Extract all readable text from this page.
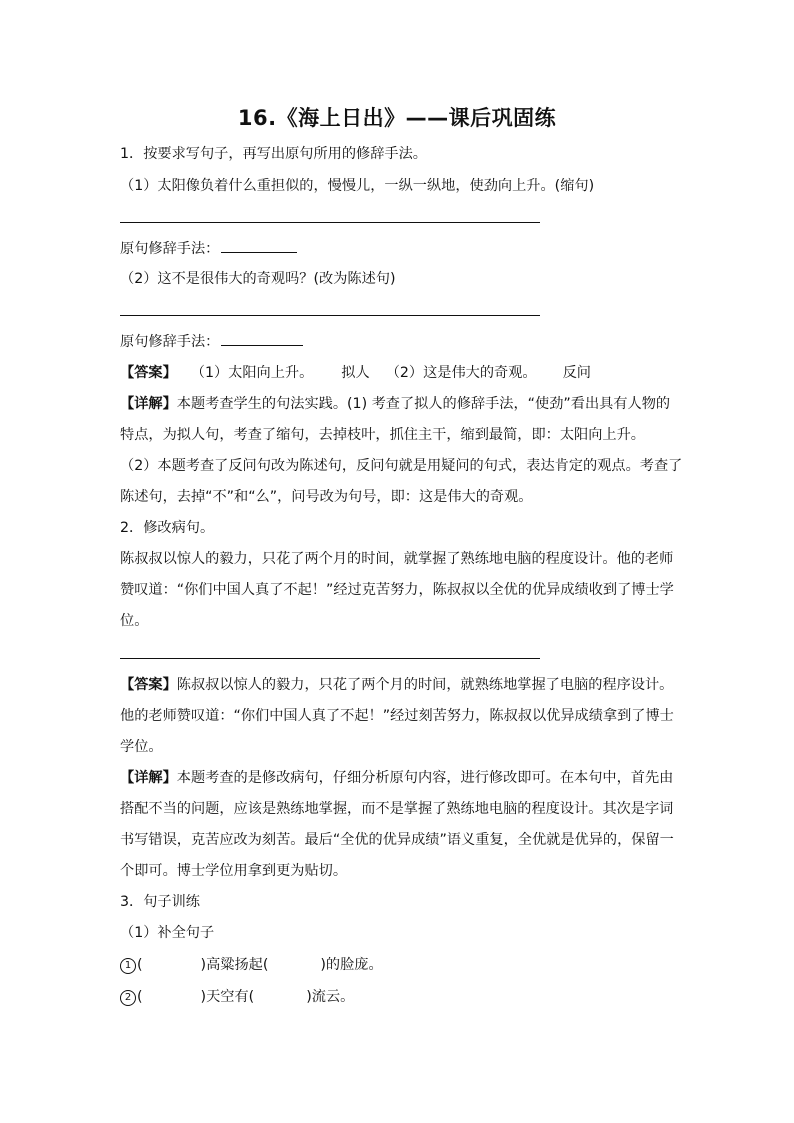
16.《海上日出》——课后巩固练
1．按要求写句子，再写出原句所用的修辞手法。
（1）太阳像负着什么重担似的，慢慢儿，一纵一纵地，使劲向上升。(缩句)
原句修辞手法：
（2）这不是很伟大的奇观吗？(改为陈述句)
原句修辞手法：
【答案】 （1）太阳向上升。 拟人 （2）这是伟大的奇观。 反问
【详解】本题考查学生的句法实践。(1) 考查了拟人的修辞手法，“使劲”看出具有人物的
特点，为拟人句，考查了缩句，去掉枝叶，抓住主干，缩到最简，即：太阳向上升。
（2）本题考查了反问句改为陈述句，反问句就是用疑问的句式，表达肯定的观点。考查了
陈述句，去掉“不”和“么”，问号改为句号，即：这是伟大的奇观。
2．修改病句。
陈叔叔以惊人的毅力，只花了两个月的时间，就掌握了熟练地电脑的程度设计。他的老师
赞叹道：“你们中国人真了不起！”经过克苦努力，陈叔叔以全优的优异成绩收到了博士学
位。
【答案】陈叔叔以惊人的毅力，只花了两个月的时间，就熟练地掌握了电脑的程序设计。
他的老师赞叹道：“你们中国人真了不起！”经过刻苦努力，陈叔叔以优异成绩拿到了博士
学位。
【详解】本题考查的是修改病句，仔细分析原句内容，进行修改即可。在本句中，首先由
搭配不当的问题，应该是熟练地掌握，而不是掌握了熟练地电脑的程度设计。其次是字词
书写错误，克苦应改为刻苦。最后“全优的优异成绩”语义重复，全优就是优异的，保留一
个即可。博士学位用拿到更为贴切。
3．句子训练
（1）补全句子
1 (	)高粱扬起(	)的脸庞。
2 (	)天空有(	)流云。
